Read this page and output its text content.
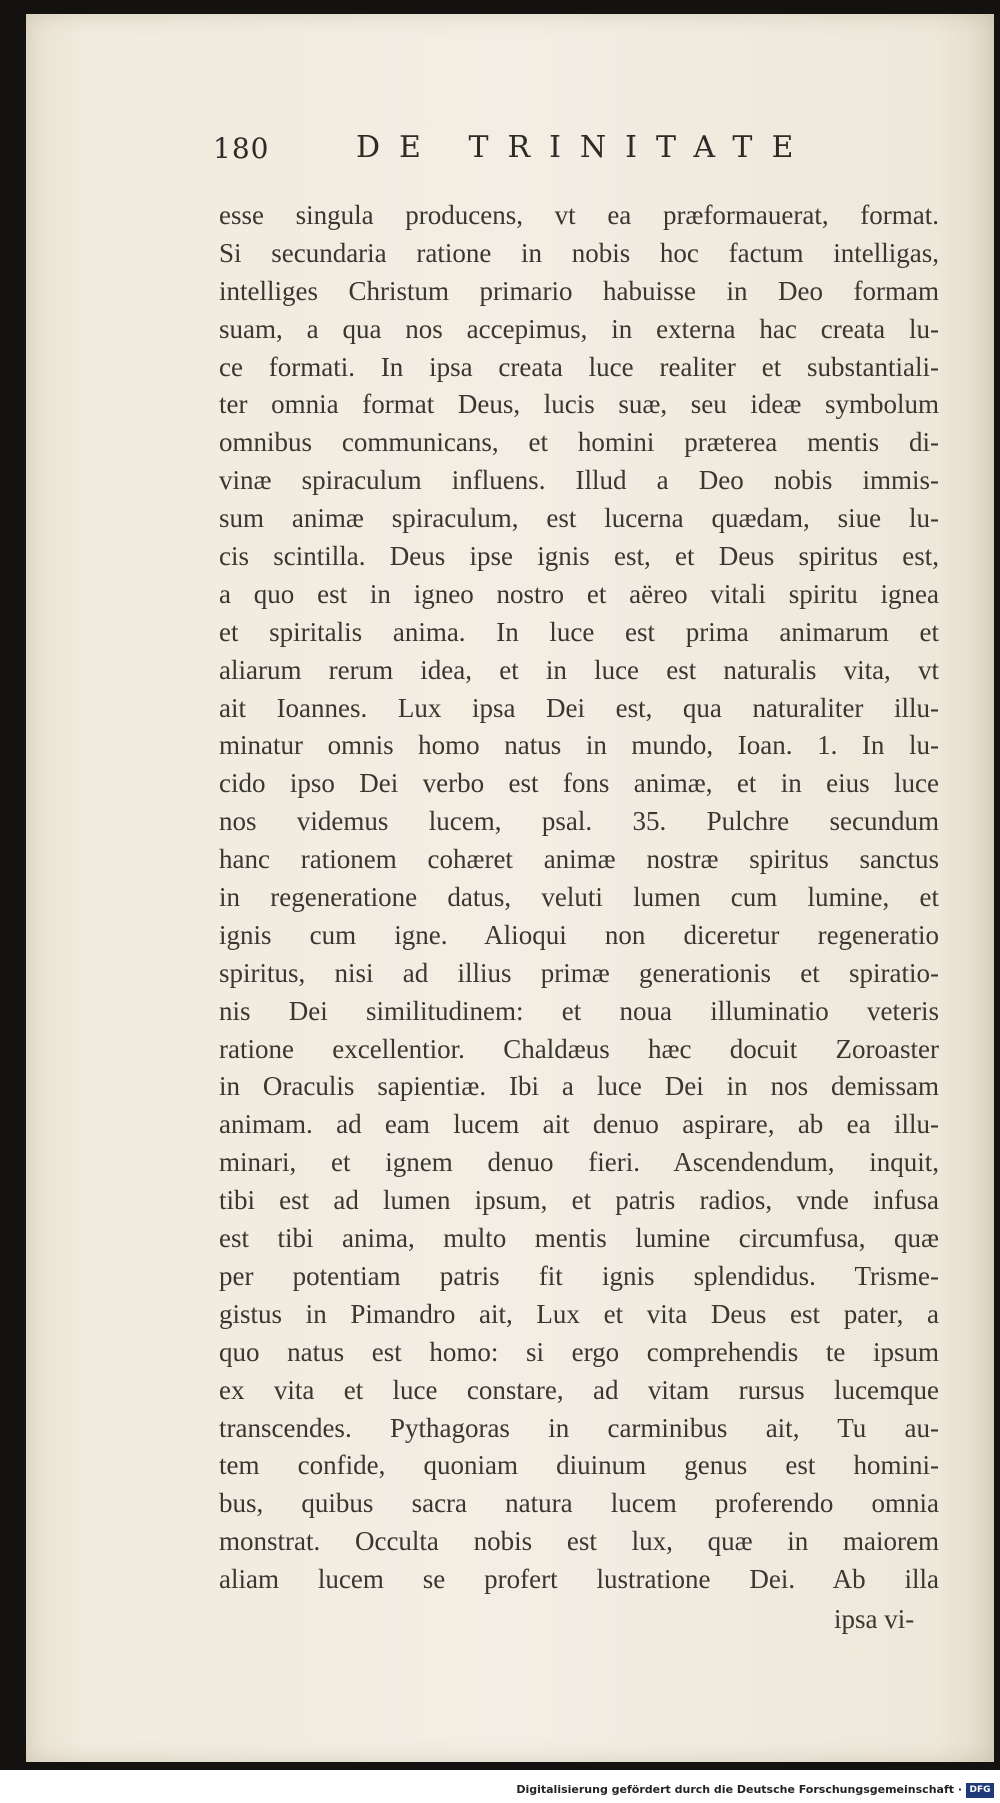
180	DE TRINITATE
esse singula producens, vt ea præformauerat, format.
Si secundaria ratione in nobis hoc factum intelligas,
intelliges Christum primario habuisse in Deo formam
suam, a qua nos accepimus, in externa hac creata lu-
ce formati. In ipsa creata luce realiter et substantiali-
ter omnia format Deus, lucis suæ, seu ideæ symbolum
omnibus communicans, et homini præterea mentis di-
vinæ spiraculum influens. Illud a Deo nobis immis-
sum animæ spiraculum, est lucerna quædam, siue lu-
cis scintilla. Deus ipse ignis est, et Deus spiritus est,
a quo est in igneo nostro et aëreo vitali spiritu ignea
et spiritalis anima. In luce est prima animarum et
aliarum rerum idea, et in luce est naturalis vita, vt
ait Ioannes. Lux ipsa Dei est, qua naturaliter illu-
minatur omnis homo natus in mundo, Ioan. 1. In lu-
cido ipso Dei verbo est fons animæ, et in eius luce
nos videmus lucem, psal. 35. Pulchre secundum
hanc rationem cohæret animæ nostræ spiritus sanctus
in regeneratione datus, veluti lumen cum lumine, et
ignis cum igne. Alioqui non diceretur regeneratio
spiritus, nisi ad illius primæ generationis et spiratio-
nis Dei similitudinem: et noua illuminatio veteris
ratione excellentior. Chaldæus hæc docuit Zoroaster
in Oraculis sapientiæ. Ibi a luce Dei in nos demissam
animam. ad eam lucem ait denuo aspirare, ab ea illu-
minari, et ignem denuo fieri. Ascendendum, inquit,
tibi est ad lumen ipsum, et patris radios, vnde infusa
est tibi anima, multo mentis lumine circumfusa, quæ
per potentiam patris fit ignis splendidus. Trisme-
gistus in Pimandro ait, Lux et vita Deus est pater, a
quo natus est homo: si ergo comprehendis te ipsum
ex vita et luce constare, ad vitam rursus lucemque
transcendes. Pythagoras in carminibus ait, Tu au-
tem confide, quoniam diuinum genus est homini-
bus, quibus sacra natura lucem proferendo omnia
monstrat. Occulta nobis est lux, quæ in maiorem
aliam lucem se profert lustratione Dei. Ab illa
ipsa vi-
Digitalisierung gefördert durch die Deutsche Forschungsgemeinschaft · DFG
